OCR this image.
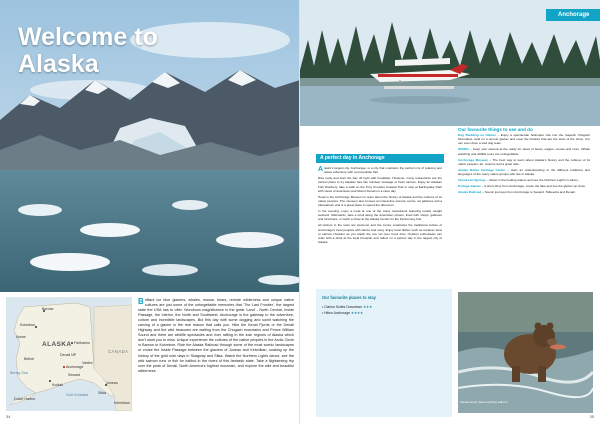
Welcome to
Alaska
ALASKA
CANADA
Barrow
Kotzebue
Nome
Fairbanks
Denali NP
Anchorage
Juneau
Kodiak
Dutch Harbor
Bethel
Valdez
Seward
Sitka
Ketchikan
Bering Sea
Gulf of Alaska
Brilliant ice blue glaciers, whales, moose, bears, remote wilderness and unique native cultures are just some of the unforgettable memories that 'The Last Frontier', the largest state the USA has to offer. Wondrous magnificence is the great 'Land' - North Central, Inside Passage, the Interior, the North and Southwest. Anchorage is the gateway to the adventure, culture and incredible landscapes. But this day with some dogging and sunlit watching the carving of a glacier is the real reason that calls you. Hike the Kenai Fjords or the Denali Highway and the wild treasures are waiting from the Chugach mountains and Prince William Sound and there are wildlife spectacles and river rafting in the lush regions of Alaska which don't want you to miss. Unique experience the cultures of the native peoples in the Arctic Circle in Barrow or Kotzebue. Ride the Alaska Railroad through some of the most scenic landscapes or cruise the Inside Passage between the glaciers of Juneau and Ketchikan, soaking up the history of the gold rush days in Skagway and Sitka. Watch the Northern Lights dance, see the wild salmon runs or fish for halibut in the rivers of this fantastic state. Take a flightseeing trip over the peak of Denali, North America's highest mountain, and explore the wild and beautiful wilderness.
34
Anchorage
A perfect day in Anchorage

Alasks's largest city, Anchorage, is a city that maintains the perfect mix of relaxing and active adventure with cosmopolitan flair.

Rise early and start the day off right with breakfast. However, many restaurants are the perfect place to try Alaskan fare like reindeer sausage or fresh salmon. Enjoy an Alaskan Fish Hatchery, take a walk on the Tony Knowles Coastal Trail or stop at Earthquake Park with views of downtown and Mount Denali on a clear day.

Head to the Anchorage Museum to learn about the history of Alaska and the cultures of its native peoples. The museum also houses an interactive science centre, art galleries and a planetarium and is a great place to spend the afternoon.

In the evening, enjoy a meal at one of the many restaurants featuring locally caught seafood. Afterwards, take a stroll along the downtown streets, lined with shops, galleries and local bars, or catch a show at the Alaska Center for the Performing Arts.

All visitors to the town are welcome and the centre celebrates the traditional culture of Anchorage's local peoples with dance and song. Enjoy local dishes such as reindeer stew or salmon chowder as you watch the sun set over Cook Inlet. Outdoor enthusiasts can relax with a drink at the local brewpub and reflect on a perfect day in the largest city of Alaska.

Our favourite things to see and do

Dog Sledding on Glacier – Enjoy a spectacular helicopter ride into the majestic Chugach Mountains, land on a remote glacier and meet the huskies that are the stars of the show. You can even drive a sled dog team.

Wildlife – Keep your camera at the ready for views of bears, eagles, moose and more. Whale watching and wildlife tours are unforgettable.

Anchorage Museum – The best way to learn about Alaska's history and the cultures of its native peoples; art, science and a great cafe.

Alaska Native Heritage Center – Gain an understanding of the different traditions and languages of the many native groups who live in Alaska.

Chena Hot Springs – Relax in the healing waters and see the Northern Lights in winter.

Portage Glacier – A short drive from Anchorage, cruise the lake and see the glacier up close.

Alaska Railroad – Scenic journeys from Anchorage to Seward, Talkeetna and Denali.

Our favourite places to stay
• Clarion Suites Downtown ★★★
• Hilton Anchorage ★★★★
Alaska brown bear catching salmon
35
